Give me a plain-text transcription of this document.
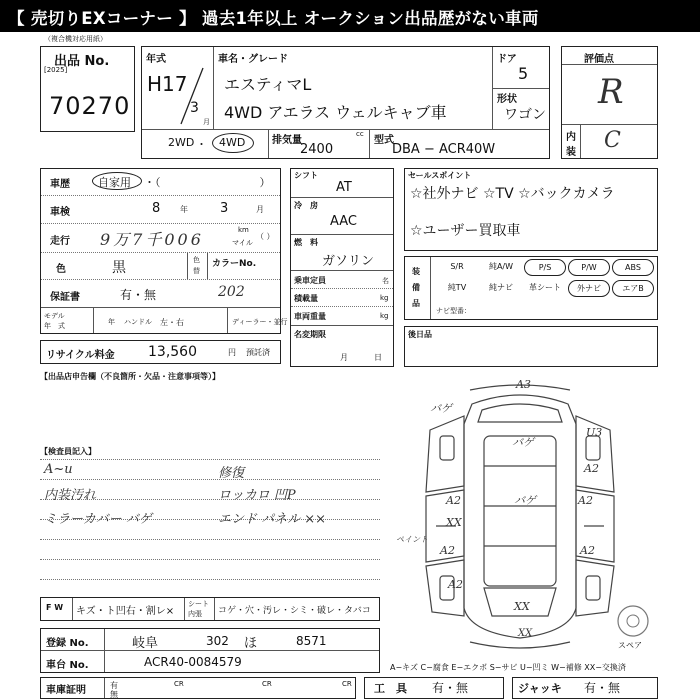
【 売切りEXコーナー 】 過去1年以上 オークション出品歴がない車両
（複合機対応用紙）
出品 No.
[2025]
70270
年式
H17
3
月
車名・グレード
エスティマL
4WD アエラス ウェルキャブ車
ドア
5
形状
ワゴン
2WD ・ 4WD	排気量
cc
2400
型式
DBA − ACR40W
評価点
R
内
装 C
車歴	自家用 ・（　　　　　　　　　）
車検	8 年 3	月
走行 9万7千006	km
マイル
（ ）
色	黒	色
替
カラーNo.
保証書	有・無	202
モデル
年　式	年 ハンドル 左・右	ディーラー・並行
シフト
AT
冷　房
AAC
燃　料
ガソリン
乗車定員	名
積載量	kg
車両重量	kg
名変期限
月	日
セールスポイント
☆社外ナビ ☆TV ☆バックカメラ
☆ユーザー買取車
装
備
品
S/R	純A/W	P/S	P/W	ABS
純TV	純ナビ	革シート	外ナビ	エアB
ナビ型番：
後日品
リサイクル料金 13,560	円 預託済
【出品店申告欄（不良箇所・欠品・注意事項等）】
【検査員記入】
A~u	修復
内装汚れ	ロッカロ 凹P
ミラーカバー バゲ	エンド パネル ××
F W キズ・ト凹右・割レ×
シート
内張 コゲ・穴・汚レ・シミ・破レ・タバコ
登録 No.	岐阜	302 ほ	8571
車台 No.	ACR40-0084579	A−キズ C−腐食 E−エクボ S−サビ U−凹ミ W−補修 XX−交換済
車庫証明	有
無
CR	CR	CR 工　具 有・無	ジャッキ 有・無
スペア
A3
バゲ
U3
バゲ
A2
バゲ
A2	A2
XX
ペイント
A2	A2
A2
XX
XX
